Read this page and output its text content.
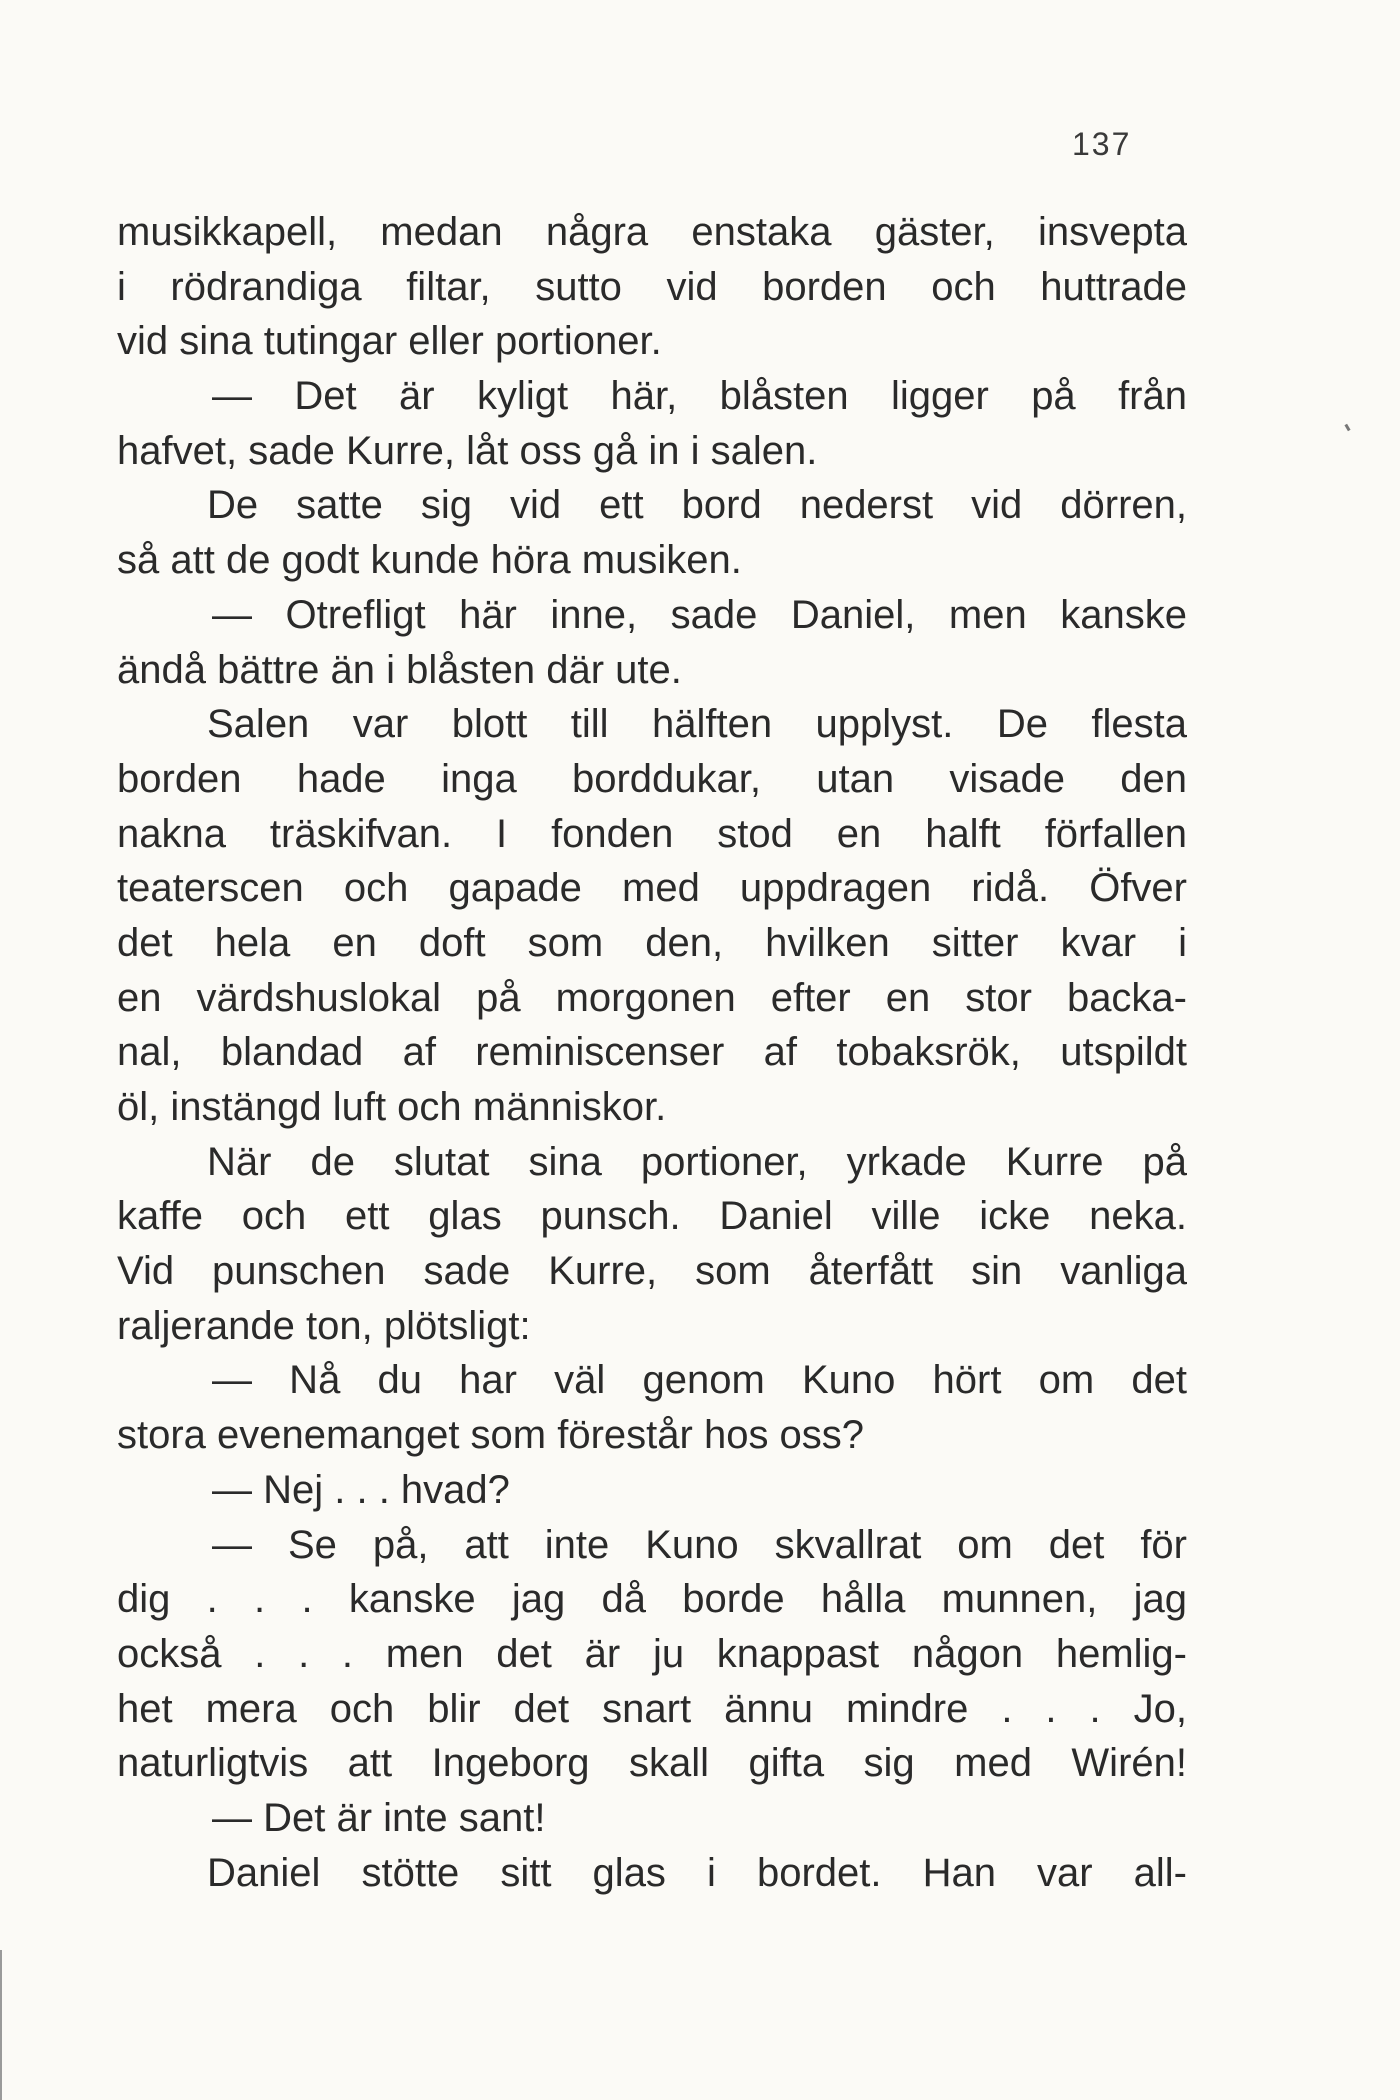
137
musikkapell, medan några enstaka gäster, insvepta
i rödrandiga filtar, sutto vid borden och huttrade
vid sina tutingar eller portioner.
— Det är kyligt här, blåsten ligger på från
hafvet, sade Kurre, låt oss gå in i salen.
De satte sig vid ett bord nederst vid dörren,
så att de godt kunde höra musiken.
— Otrefligt här inne, sade Daniel, men kanske
ändå bättre än i blåsten där ute.
Salen var blott till hälften upplyst. De flesta
borden hade inga borddukar, utan visade den
nakna träskifvan. I fonden stod en halft förfallen
teaterscen och gapade med uppdragen ridå. Öfver
det hela en doft som den, hvilken sitter kvar i
en värdshuslokal på morgonen efter en stor backa-
nal, blandad af reminiscenser af tobaksrök, utspildt
öl, instängd luft och människor.
När de slutat sina portioner, yrkade Kurre på
kaffe och ett glas punsch. Daniel ville icke neka.
Vid punschen sade Kurre, som återfått sin vanliga
raljerande ton, plötsligt:
— Nå du har väl genom Kuno hört om det
stora evenemanget som förestår hos oss?
— Nej . . . hvad?
— Se på, att inte Kuno skvallrat om det för
dig . . . kanske jag då borde hålla munnen, jag
också . . . men det är ju knappast någon hemlig-
het mera och blir det snart ännu mindre . . . Jo,
naturligtvis att Ingeborg skall gifta sig med Wirén!
— Det är inte sant!
Daniel stötte sitt glas i bordet. Han var all-
